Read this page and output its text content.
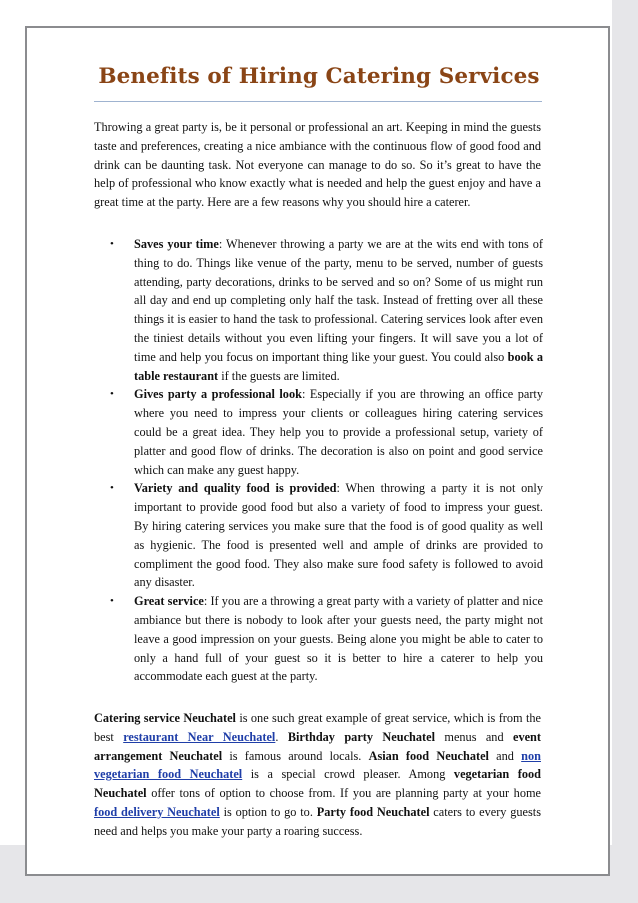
Benefits of Hiring Catering Services
Throwing a great party is, be it personal or professional an art. Keeping in mind the guests taste and preferences, creating a nice ambiance with the continuous flow of good food and drink can be daunting task. Not everyone can manage to do so. So it’s great to have the help of professional who know exactly what is needed and help the guest enjoy and have a great time at the party. Here are a few reasons why you should hire a caterer.
• Saves your time: Whenever throwing a party we are at the wits end with tons of thing to do. Things like venue of the party, menu to be served, number of guests attending, party decorations, drinks to be served and so on? Some of us might run all day and end up completing only half the task. Instead of fretting over all these things it is easier to hand the task to professional. Catering services look after even the tiniest details without you even lifting your fingers. It will save you a lot of time and help you focus on important thing like your guest. You could also book a table restaurant if the guests are limited.
• Gives party a professional look: Especially if you are throwing an office party where you need to impress your clients or colleagues hiring catering services could be a great idea. They help you to provide a professional setup, variety of platter and good flow of drinks. The decoration is also on point and good service which can make any guest happy.
• Variety and quality food is provided: When throwing a party it is not only important to provide good food but also a variety of food to impress your guest. By hiring catering services you make sure that the food is of good quality as well as hygienic. The food is presented well and ample of drinks are provided to compliment the good food. They also make sure food safety is followed to avoid any disaster.
• Great service: If you are a throwing a great party with a variety of platter and nice ambiance but there is nobody to look after your guests need, the party might not leave a good impression on your guests. Being alone you might be able to cater to only a hand full of your guest so it is better to hire a caterer to help you accommodate each guest at the party.
Catering service Neuchatel is one such great example of great service, which is from the best restaurant Near Neuchatel. Birthday party Neuchatel menus and event arrangement Neuchatel is famous around locals. Asian food Neuchatel and non vegetarian food Neuchatel is a special crowd pleaser. Among vegetarian food Neuchatel offer tons of option to choose from. If you are planning party at your home food delivery Neuchatel is option to go to. Party food Neuchatel caters to every guests need and helps you make your party a roaring success.
